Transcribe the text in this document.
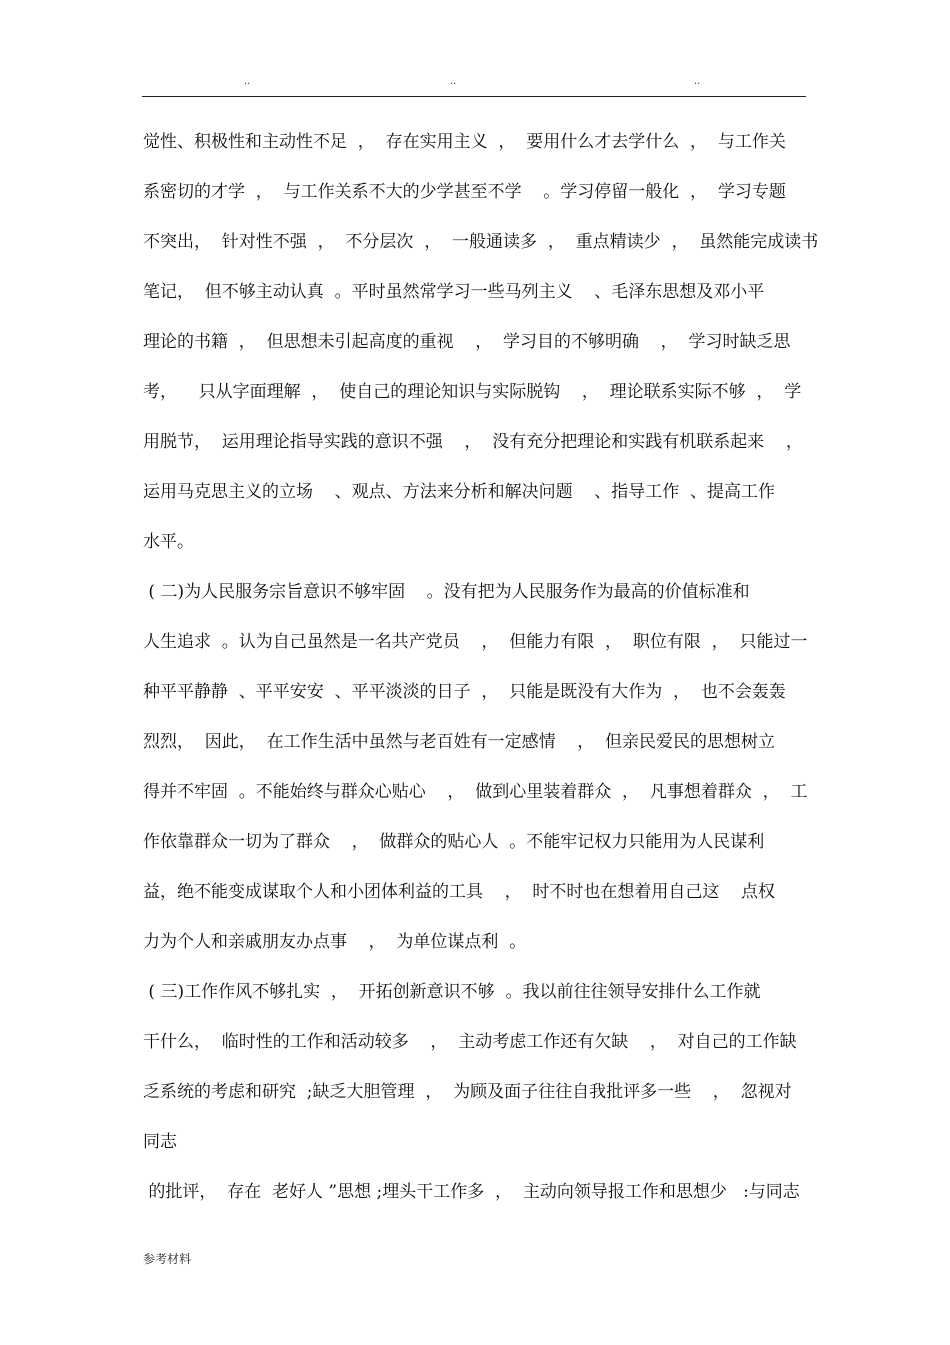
..	..	..

觉性、积极性和主动性不足  ，  存在实用主义  ，  要用什么才去学什么  ，  与工作关

系密切的才学  ，  与工作关系不大的少学甚至不学    。学习停留一般化  ，  学习专题

不突出，  针对性不强  ，  不分层次  ，  一般通读多  ，  重点精读少  ，  虽然能完成读书

笔记，  但不够主动认真  。平时虽然常学习一些马列主义    、毛泽东思想及邓小平

理论的书籍  ，  但思想未引起高度的重视    ，  学习目的不够明确    ，  学习时缺乏思

考，    只从字面理解  ，  使自己的理论知识与实际脱钩    ，  理论联系实际不够  ，  学

用脱节，  运用理论指导实践的意识不强    ，  没有充分把理论和实践有机联系起来    ，

运用马克思主义的立场    、观点、方法来分析和解决问题    、指导工作  、提高工作

水平。

( 二)为人民服务宗旨意识不够牢固    。没有把为人民服务作为最高的价值标准和

人生追求  。认为自己虽然是一名共产党员    ，  但能力有限  ，  职位有限  ，  只能过一

种平平静静  、平平安安  、平平淡淡的日子  ，  只能是既没有大作为  ，  也不会轰轰

烈烈，  因此，  在工作生活中虽然与老百姓有一定感情    ，  但亲民爱民的思想树立

得并不牢固  。不能始终与群众心贴心    ，  做到心里装着群众  ，  凡事想着群众  ，  工

作依靠群众一切为了群众    ，  做群众的贴心人  。不能牢记权力只能用为人民谋利

益，绝不能变成谋取个人和小团体利益的工具    ，  时不时也在想着用自己这    点权

力为个人和亲戚朋友办点事    ，  为单位谋点利  。

( 三)工作作风不够扎实  ，  开拓创新意识不够  。我以前往往领导安排什么工作就

干什么，  临时性的工作和活动较多    ，  主动考虑工作还有欠缺    ，  对自己的工作缺

乏系统的考虑和研究  ;缺乏大胆管理  ，  为顾及面子往往自我批评多一些    ，  忽视对

同志

的批评，  存在  老好人 ”思想 ;埋头干工作多  ，  主动向领导报工作和思想少   :与同志

参考材料
